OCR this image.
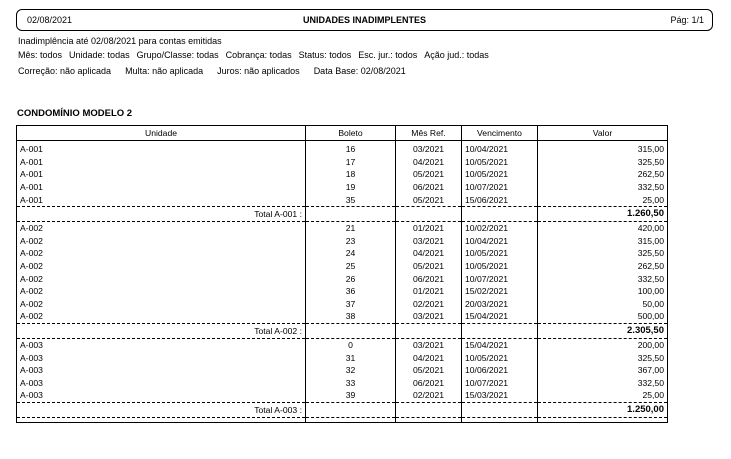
02/08/2021	UNIDADES INADIMPLENTES	Pág: 1/1
Inadimplência até 02/08/2021 para contas emitidas
Mês: todos Unidade: todas Grupo/Classe: todas Cobrança: todas Status: todos Esc. jur.: todos Ação jud.: todas
Correção: não aplicada Multa: não aplicada Juros: não aplicados Data Base: 02/08/2021
CONDOMÍNIO MODELO 2
Unidade	Boleto	Mês Ref.	Vencimento	Valor
A-001	16	03/2021	10/04/2021	315,00
A-001	17	04/2021	10/05/2021	325,50
A-001	18	05/2021	10/05/2021	262,50
A-001	19	06/2021	10/07/2021	332,50
A-001	35	05/2021	15/06/2021	25,00
Total A-001 :				1.260,50
A-002	21	01/2021	10/02/2021	420,00
A-002	23	03/2021	10/04/2021	315,00
A-002	24	04/2021	10/05/2021	325,50
A-002	25	05/2021	10/05/2021	262,50
A-002	26	06/2021	10/07/2021	332,50
A-002	36	01/2021	15/02/2021	100,00
A-002	37	02/2021	20/03/2021	50,00
A-002	38	03/2021	15/04/2021	500,00
Total A-002 :				2.305,50
A-003	0	03/2021	15/04/2021	200,00
A-003	31	04/2021	10/05/2021	325,50
A-003	32	05/2021	10/06/2021	367,00
A-003	33	06/2021	10/07/2021	332,50
A-003	39	02/2021	15/03/2021	25,00
Total A-003 :				1.250,00
